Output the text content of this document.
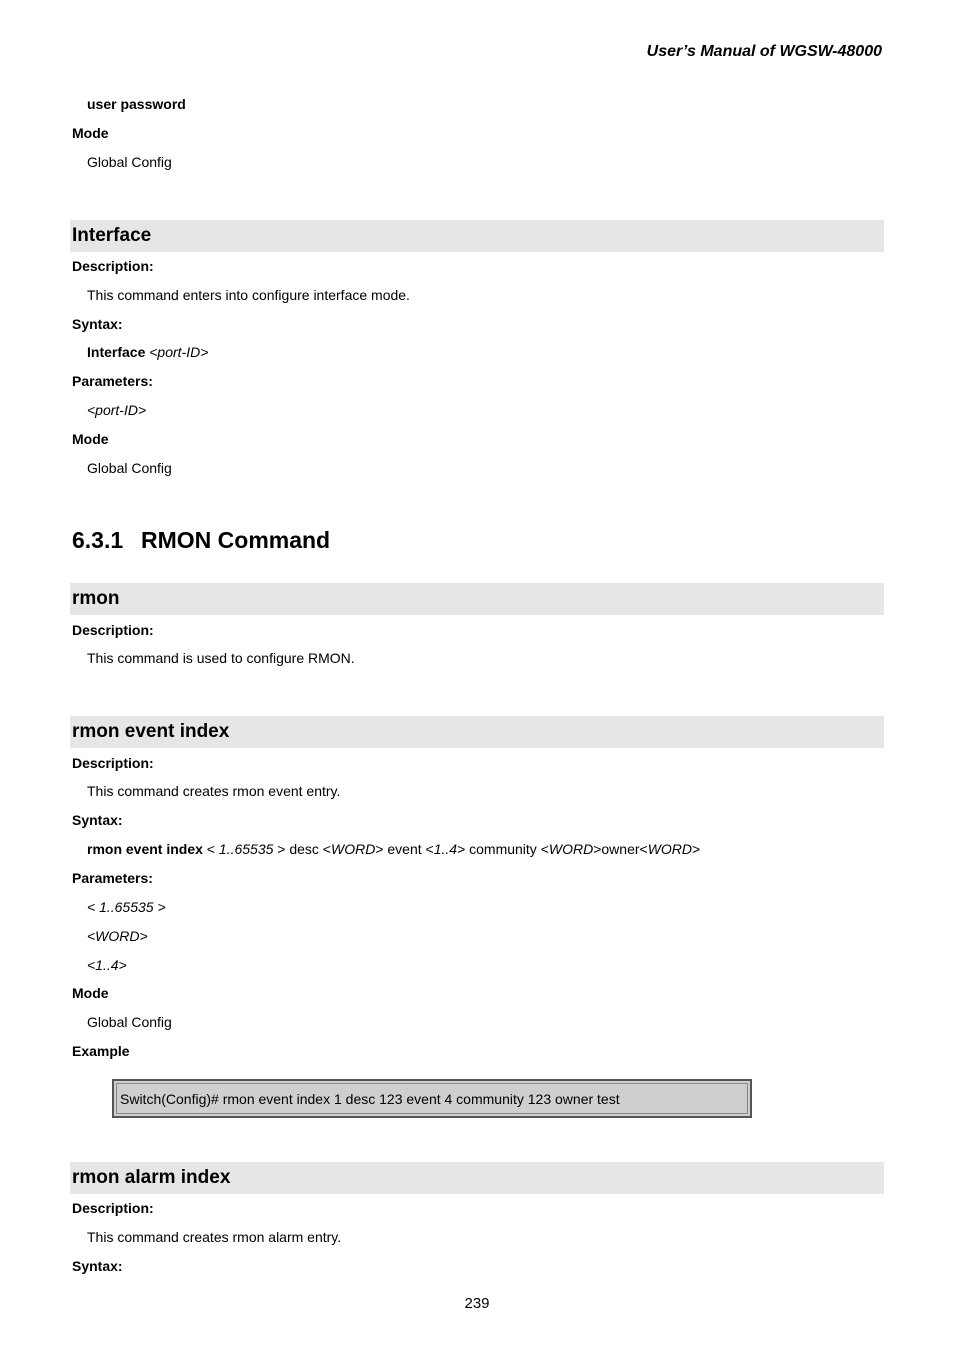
User’s Manual of WGSW-48000
user password
Mode
Global Config
Interface
Description:
This command enters into configure interface mode.
Syntax:
Interface <port-ID>
Parameters:
<port-ID>
Mode
Global Config
6.3.1 RMON Command
rmon
Description:
This command is used to configure RMON.
rmon event index
Description:
This command creates rmon event entry.
Syntax:
rmon event index < 1..65535 > desc <WORD> event <1..4> community <WORD>owner<WORD>
Parameters:
< 1..65535 >
<WORD>
<1..4>
Mode
Global Config
Example
Switch(Config)# rmon event index 1 desc 123 event 4 community 123 owner test
rmon alarm index
Description:
This command creates rmon alarm entry.
Syntax:
239
